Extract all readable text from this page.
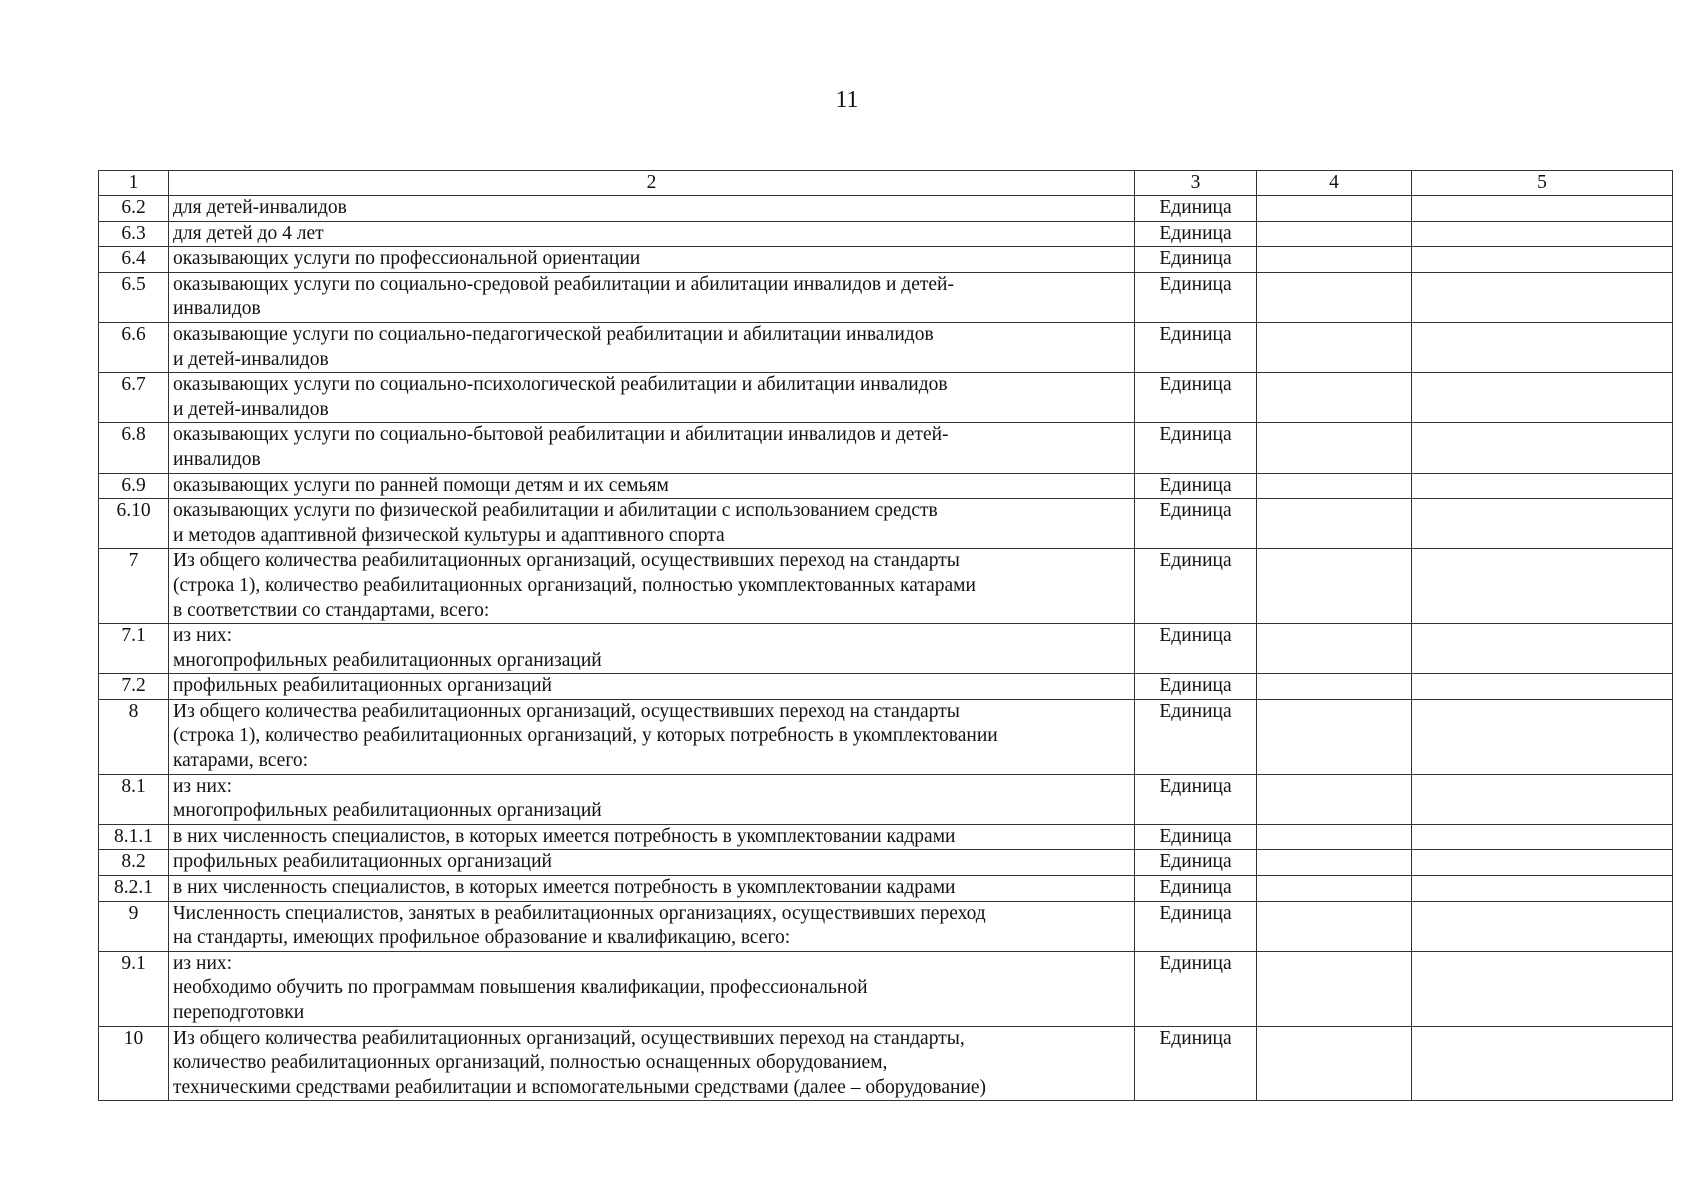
11
1	2	3	4	5
6.2	для детей-инвалидов	Единица		
6.3	для детей до 4 лет	Единица		
6.4	оказывающих услуги по профессиональной ориентации	Единица		
6.5	оказывающих услуги по социально-средовой реабилитации и абилитации инвалидов и детей-
инвалидов	Единица		
6.6	оказывающие услуги по социально-педагогической реабилитации и абилитации инвалидов
и детей-инвалидов	Единица		
6.7	оказывающих услуги по социально-психологической реабилитации и абилитации инвалидов
и детей-инвалидов	Единица		
6.8	оказывающих услуги по социально-бытовой реабилитации и абилитации инвалидов и детей-
инвалидов	Единица		
6.9	оказывающих услуги по ранней помощи детям и их семьям	Единица		
6.10	оказывающих услуги по физической реабилитации и абилитации с использованием средств
и методов адаптивной физической культуры и адаптивного спорта	Единица		
7	Из общего количества реабилитационных организаций, осуществивших переход на стандарты
(строка 1), количество реабилитационных организаций, полностью укомплектованных катарами
в соответствии со стандартами, всего:	Единица		
7.1	из них:
многопрофильных реабилитационных организаций	Единица		
7.2	профильных реабилитационных организаций	Единица		
8	Из общего количества реабилитационных организаций, осуществивших переход на стандарты
(строка 1), количество реабилитационных организаций, у которых потребность в укомплектовании
катарами, всего:	Единица		
8.1	из них:
многопрофильных реабилитационных организаций	Единица		
8.1.1	в них численность специалистов, в которых имеется потребность в укомплектовании кадрами	Единица		
8.2	профильных реабилитационных организаций	Единица		
8.2.1	в них численность специалистов, в которых имеется потребность в укомплектовании кадрами	Единица		
9	Численность специалистов, занятых в реабилитационных организациях, осуществивших переход
на стандарты, имеющих профильное образование и квалификацию, всего:	Единица		
9.1	из них:
необходимо обучить по программам повышения квалификации, профессиональной
переподготовки	Единица		
10	Из общего количества реабилитационных организаций, осуществивших переход на стандарты,
количество реабилитационных организаций, полностью оснащенных оборудованием,
техническими средствами реабилитации и вспомогательными средствами (далее – оборудование)	Единица		
